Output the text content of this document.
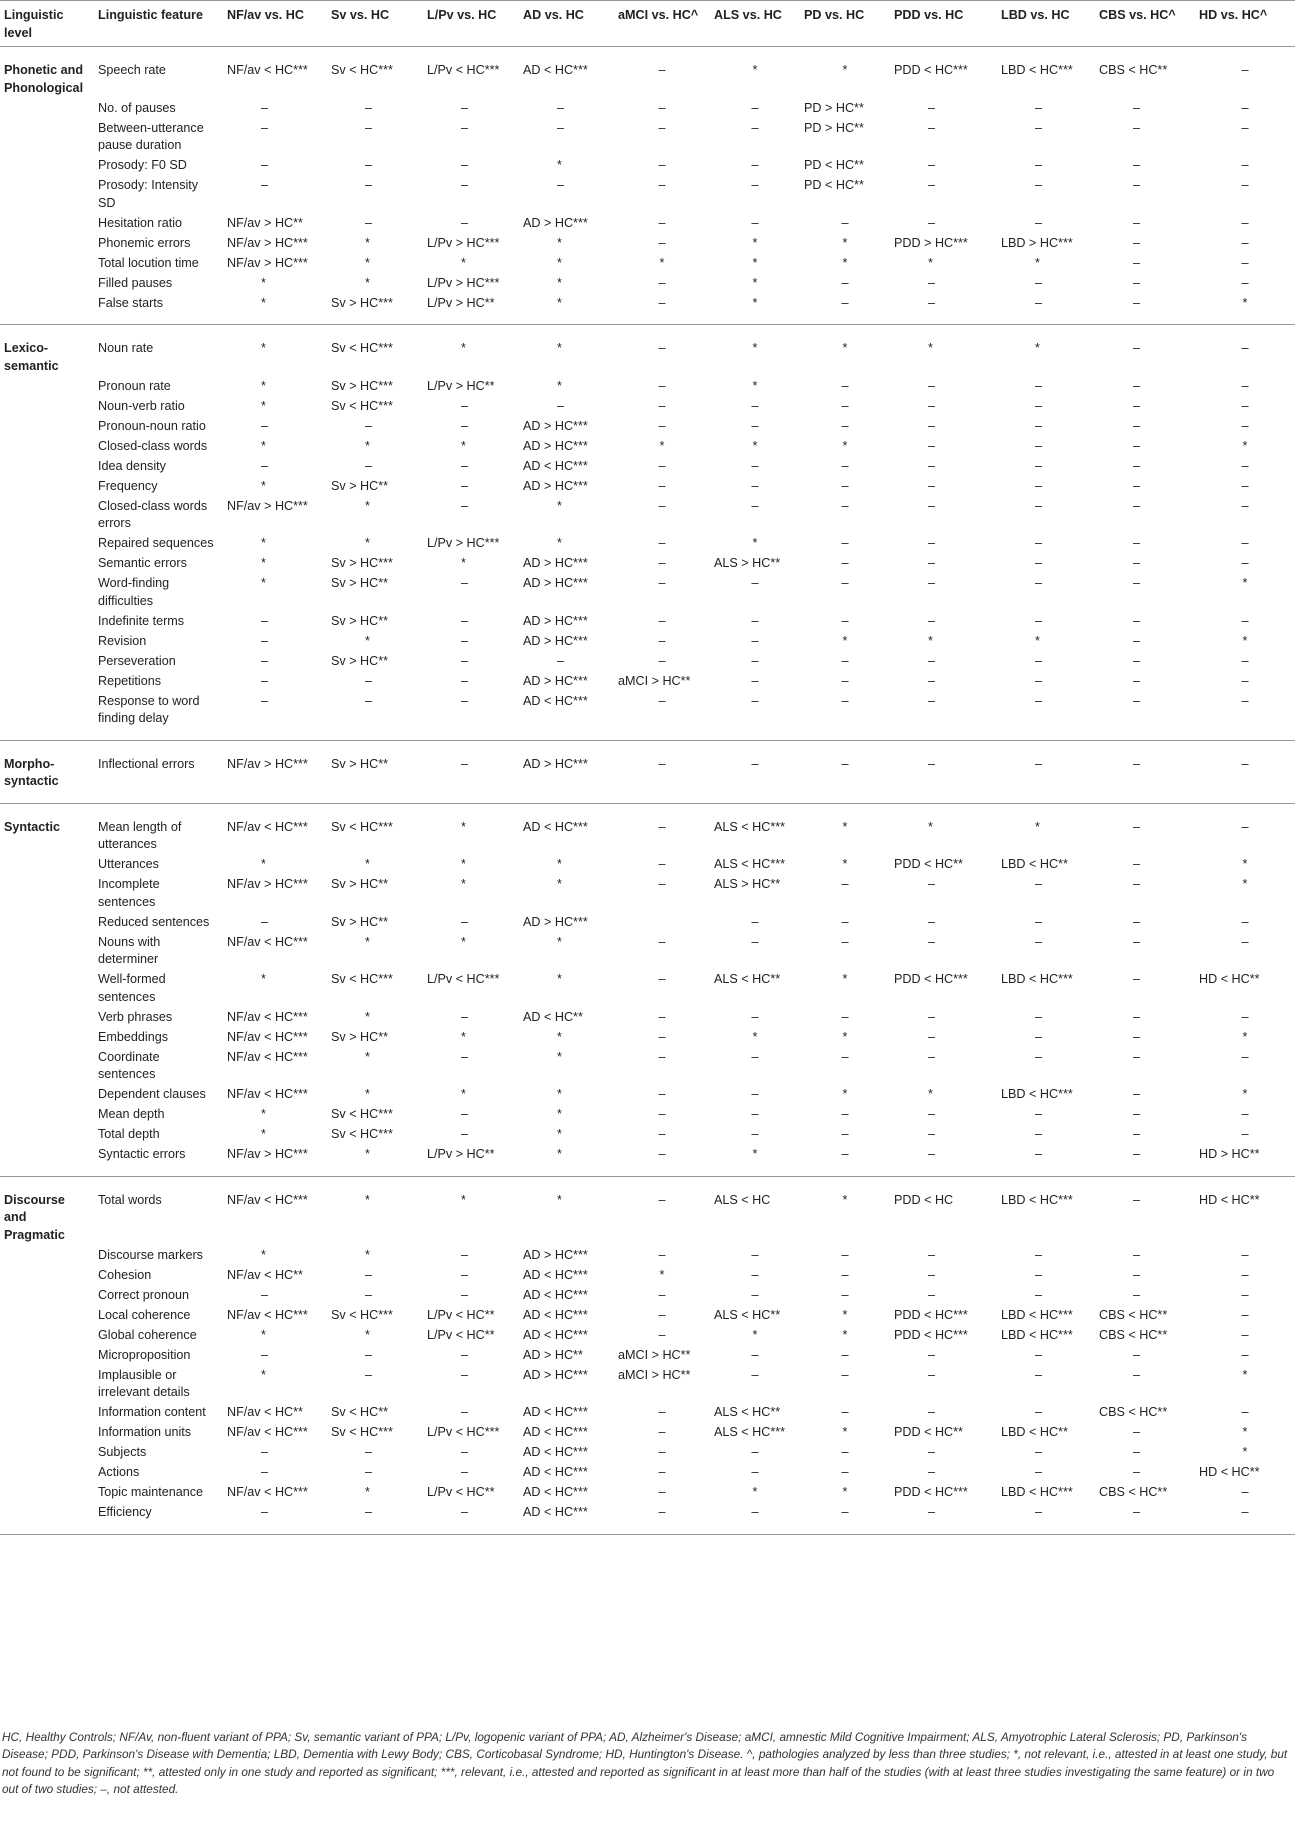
Linguistic level	Linguistic feature	NF/av vs. HC	Sv vs. HC	L/Pv vs. HC	AD vs. HC	aMCI vs. HC^	ALS vs. HC	PD vs. HC	PDD vs. HC	LBD vs. HC	CBS vs. HC^	HD vs. HC^
Phonetic and Phonological	Speech rate	NF/av < HC***	Sv < HC***	L/Pv < HC***	AD < HC***	–	*	*	PDD < HC***	LBD < HC***	CBS < HC**	–
	No. of pauses	–	–	–	–	–	–	PD > HC**	–	–	–	–
	Between-utterance pause duration	–	–	–	–	–	–	PD > HC**	–	–	–	–
	Prosody: F0 SD	–	–	–	*	–	–	PD < HC**	–	–	–	–
	Prosody: Intensity SD	–	–	–	–	–	–	PD < HC**	–	–	–	–
	Hesitation ratio	NF/av > HC**	–	–	AD > HC***	–	–	–	–	–	–	–
	Phonemic errors	NF/av > HC***	*	L/Pv > HC***	*	–	*	*	PDD > HC***	LBD > HC***	–	–
	Total locution time	NF/av > HC***	*	*	*	*	*	*	*	*	–	–
	Filled pauses	*	*	L/Pv > HC***	*	–	*	–	–	–	–	–
	False starts	*	Sv > HC***	L/Pv > HC**	*	–	*	–	–	–	–	*
Lexico-semantic	Noun rate	*	Sv < HC***	*	*	–	*	*	*	*	–	–
	Pronoun rate	*	Sv > HC***	L/Pv > HC**	*	–	*	–	–	–	–	–
	Noun-verb ratio	*	Sv < HC***	–	–	–	–	–	–	–	–	–
	Pronoun-noun ratio	–	–	–	AD > HC***	–	–	–	–	–	–	–
	Closed-class words	*	*	*	AD > HC***	*	*	*	–	–	–	*
	Idea density	–	–	–	AD < HC***	–	–	–	–	–	–	–
	Frequency	*	Sv > HC**	–	AD > HC***	–	–	–	–	–	–	–
	Closed-class words errors	NF/av > HC***	*	–	*	–	–	–	–	–	–	–
	Repaired sequences	*	*	L/Pv > HC***	*	–	*	–	–	–	–	–
	Semantic errors	*	Sv > HC***	*	AD > HC***	–	ALS > HC**	–	–	–	–	–
	Word-finding difficulties	*	Sv > HC**	–	AD > HC***	–	–	–	–	–	–	*
	Indefinite terms	–	Sv > HC**	–	AD > HC***	–	–	–	–	–	–	–
	Revision	–	*	–	AD > HC***	–	–	*	*	*	–	*
	Perseveration	–	Sv > HC**	–	–	–	–	–	–	–	–	–
	Repetitions	–	–	–	AD > HC***	aMCI > HC**	–	–	–	–	–	–
	Response to word finding delay	–	–	–	AD < HC***	–	–	–	–	–	–	–
Morpho-syntactic	Inflectional errors	NF/av > HC***	Sv > HC**	–	AD > HC***	–	–	–	–	–	–	–
Syntactic	Mean length of utterances	NF/av < HC***	Sv < HC***	*	AD < HC***	–	ALS < HC***	*	*	*	–	–
	Utterances	*	*	*	*	–	ALS < HC***	*	PDD < HC**	LBD < HC**	–	*
	Incomplete sentences	NF/av > HC***	Sv > HC**	*	*	–	ALS > HC**	–	–	–	–	*
	Reduced sentences	–	Sv > HC**	–	AD > HC***		–	–	–	–	–	–
	Nouns with determiner	NF/av < HC***	*	*	*	–	–	–	–	–	–	–
	Well-formed sentences	*	Sv < HC***	L/Pv < HC***	*	–	ALS < HC**	*	PDD < HC***	LBD < HC***	–	HD < HC**
	Verb phrases	NF/av < HC***	*	–	AD < HC**	–	–	–	–	–	–	–
	Embeddings	NF/av < HC***	Sv > HC**	*	*	–	*	*	–	–	–	*
	Coordinate sentences	NF/av < HC***	*	–	*	–	–	–	–	–	–	–
	Dependent clauses	NF/av < HC***	*	*	*	–	–	*	*	LBD < HC***	–	*
	Mean depth	*	Sv < HC***	–	*	–	–	–	–	–	–	–
	Total depth	*	Sv < HC***	–	*	–	–	–	–	–	–	–
	Syntactic errors	NF/av > HC***	*	L/Pv > HC**	*	–	*	–	–	–	–	HD > HC**
Discourse and Pragmatic	Total words	NF/av < HC***	*	*	*	–	ALS < HC	*	PDD < HC	LBD < HC***	–	HD < HC**
	Discourse markers	*	*	–	AD > HC***	–	–	–	–	–	–	–
	Cohesion	NF/av < HC**	–	–	AD < HC***	*	–	–	–	–	–	–
	Correct pronoun	–	–	–	AD < HC***	–	–	–	–	–	–	–
	Local coherence	NF/av < HC***	Sv < HC***	L/Pv < HC**	AD < HC***	–	ALS < HC**	*	PDD < HC***	LBD < HC***	CBS < HC**	–
	Global coherence	*	*	L/Pv < HC**	AD < HC***	–	*	*	PDD < HC***	LBD < HC***	CBS < HC**	–
	Microproposition	–	–	–	AD > HC**	aMCI > HC**	–	–	–	–	–	–
	Implausible or irrelevant details	*	–	–	AD > HC***	aMCI > HC**	–	–	–	–	–	*
	Information content	NF/av < HC**	Sv < HC**	–	AD < HC***	–	ALS < HC**	–	–	–	CBS < HC**	–
	Information units	NF/av < HC***	Sv < HC***	L/Pv < HC***	AD < HC***	–	ALS < HC***	*	PDD < HC**	LBD < HC**	–	*
	Subjects	–	–	–	AD < HC***	–	–	–	–	–	–	*
	Actions	–	–	–	AD < HC***	–	–	–	–	–	–	HD < HC**
	Topic maintenance	NF/av < HC***	*	L/Pv < HC**	AD < HC***	–	*	*	PDD < HC***	LBD < HC***	CBS < HC**	–
	Efficiency	–	–	–	AD < HC***	–	–	–	–	–	–	–
HC, Healthy Controls; NF/Av, non-fluent variant of PPA; Sv, semantic variant of PPA; L/Pv, logopenic variant of PPA; AD, Alzheimer's Disease; aMCI, amnestic Mild Cognitive Impairment; ALS, Amyotrophic Lateral Sclerosis; PD, Parkinson's Disease; PDD, Parkinson's Disease with Dementia; LBD, Dementia with Lewy Body; CBS, Corticobasal Syndrome; HD, Huntington's Disease. ^, pathologies analyzed by less than three studies; *, not relevant, i.e., attested in at least one study, but not found to be significant; **, attested only in one study and reported as significant; ***, relevant, i.e., attested and reported as significant in at least more than half of the studies (with at least three studies investigating the same feature) or in two out of two studies; –, not attested.
